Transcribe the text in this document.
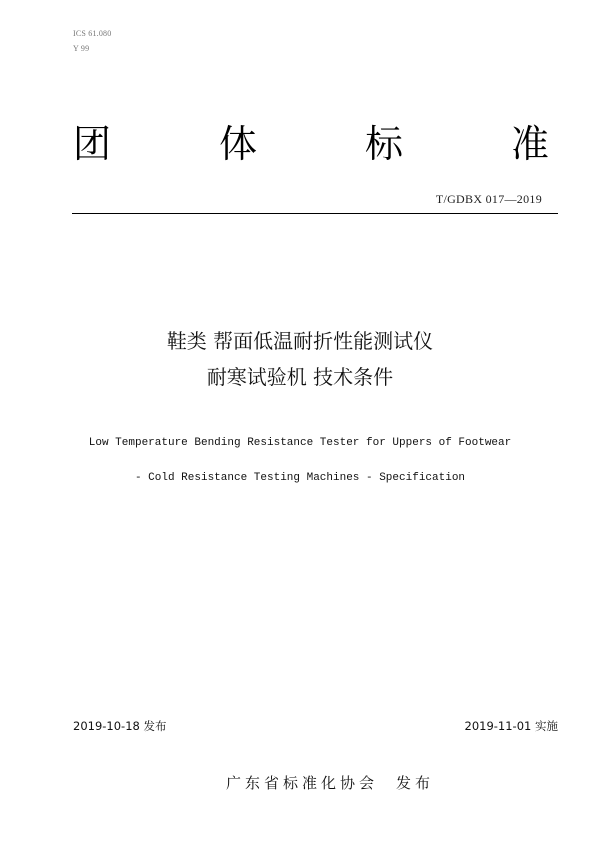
ICS 61.080
Y 99
团	体	标	准
T/GDBX 017—2019
鞋类 帮面低温耐折性能测试仪
耐寒试验机 技术条件
Low Temperature Bending Resistance Tester for Uppers of Footwear
- Cold Resistance Testing Machines - Specification
2019-10-18 发布	2019-11-01 实施
广东省标准化协会 发布
